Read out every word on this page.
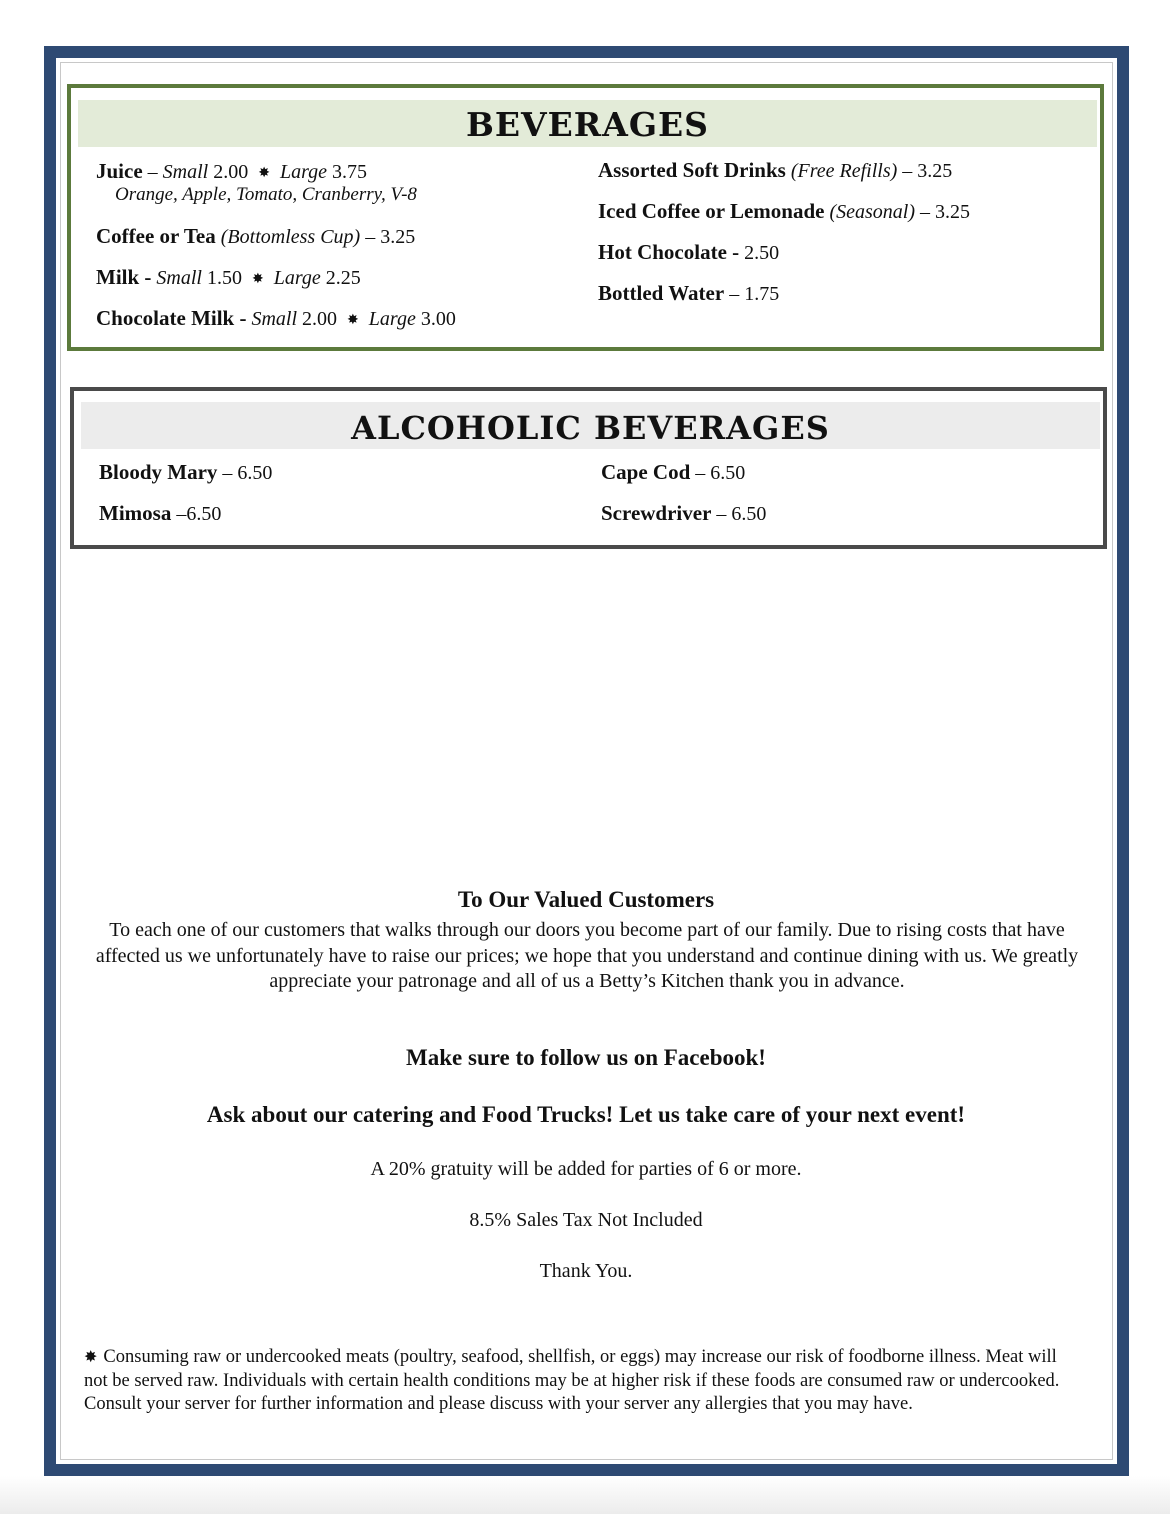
BEVERAGES
Juice – Small 2.00 ✸ Large 3.75
Orange, Apple, Tomato, Cranberry, V-8
Coffee or Tea (Bottomless Cup) – 3.25
Milk - Small 1.50 ✸ Large 2.25
Chocolate Milk - Small 2.00 ✸ Large 3.00
Assorted Soft Drinks (Free Refills) – 3.25
Iced Coffee or Lemonade (Seasonal) – 3.25
Hot Chocolate - 2.50
Bottled Water – 1.75
ALCOHOLIC BEVERAGES
Bloody Mary – 6.50
Mimosa –6.50
Cape Cod – 6.50
Screwdriver – 6.50
To Our Valued Customers
To each one of our customers that walks through our doors you become part of our family. Due to rising costs that have affected us we unfortunately have to raise our prices; we hope that you understand and continue dining with us. We greatly appreciate your patronage and all of us a Betty’s Kitchen thank you in advance.
Make sure to follow us on Facebook!
Ask about our catering and Food Trucks! Let us take care of your next event!
A 20% gratuity will be added for parties of 6 or more.
8.5% Sales Tax Not Included
Thank You.
✸ Consuming raw or undercooked meats (poultry, seafood, shellfish, or eggs) may increase our risk of foodborne illness. Meat will not be served raw. Individuals with certain health conditions may be at higher risk if these foods are consumed raw or undercooked. Consult your server for further information and please discuss with your server any allergies that you may have.
